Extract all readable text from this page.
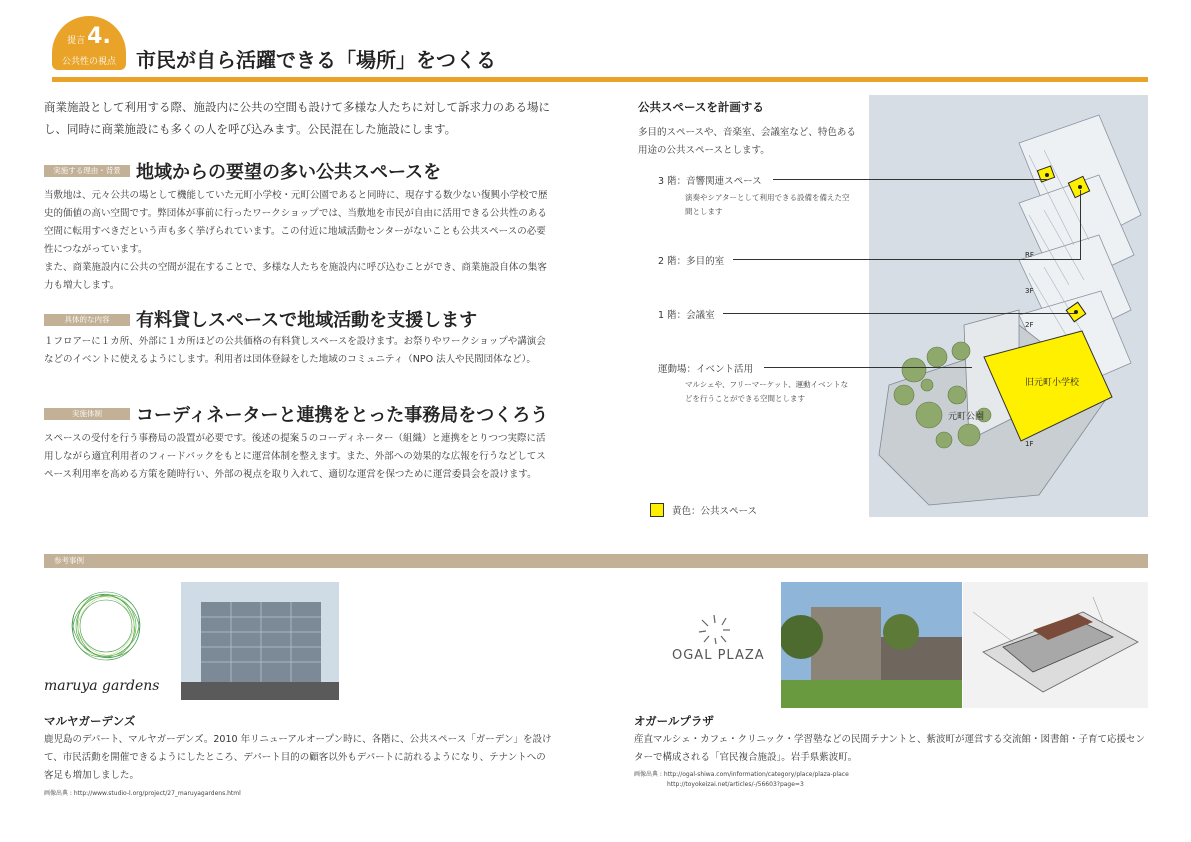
提言4.
公共性の視点	市民が自ら活躍できる「場所」をつくる
商業施設として利用する際、施設内に公共の空間も設けて多様な人たちに対して訴求力のある場にし、同時に商業施設にも多くの人を呼び込みます。公民混在した施設にします。
実施する理由・背景 地域からの要望の多い公共スペースを
当敷地は、元々公共の場として機能していた元町小学校・元町公園であると同時に、現存する数少ない復興小学校で歴史的価値の高い空間です。弊団体が事前に行ったワークショップでは、当敷地を市民が自由に活用できる公共性のある空間に転用すべきだという声も多く挙げられています。この付近に地域活動センターがないことも公共スペースの必要性につながっています。
また、商業施設内に公共の空間が混在することで、多様な人たちを施設内に呼び込むことができ、商業施設自体の集客力も増大します。
具体的な内容	有料貸しスペースで地域活動を支援します
１フロアーに１カ所、外部に１カ所ほどの公共価格の有料貸しスペースを設けます。お祭りやワークショップや講演会などのイベントに使えるようにします。利用者は団体登録をした地域のコミュニティ（NPO 法人や民間団体など）。
実施体制	コーディネーターと連携をとった事務局をつくろう
スペースの受付を行う事務局の設置が必要です。後述の提案５のコーディネーター（組織）と連携をとりつつ実際に活用しながら適宜利用者のフィードバックをもとに運営体制を整えます。また、外部への効果的な広報を行うなどしてスペース利用率を高める方策を随時行い、外部の視点を取り入れて、適切な運営を保つために運営委員会を設けます。
公共スペースを計画する
多目的スペースや、音楽室、会議室など、特色ある用途の公共スペースとします。
RF
3F
2F
1F
旧元町小学校
元町公園
3 階：音響関連スペース
演奏やシアターとして利用できる設備を備えた空間とします
2 階：多目的室
1 階：会議室
運動場：イベント活用
マルシェや、フリーマーケット、運動イベントなどを行うことができる空間とします
黄色：公共スペース
参考事例
maruya gardens
マルヤガーデンズ
鹿児島のデパート、マルヤガーデンズ。2010 年リニューアルオープン時に、各階に、公共スペース「ガーデン」を設けて、市民活動を開催できるようにしたところ、デパート目的の顧客以外もデパートに訪れるようになり、テナントへの客足も増加しました。
画像出典 : http://www.studio-l.org/project/27_maruyagardens.html
OGAL PLAZA
オガールプラザ
産直マルシェ・カフェ・クリニック・学習塾などの民間テナントと、紫波町が運営する交流館・図書館・子育て応援センターで構成される「官民複合施設」。岩手県紫波町。
画像出典 : http://ogal-shiwa.com/information/category/place/plaza-place
http://toyokeizai.net/articles/-/56603?page=3
